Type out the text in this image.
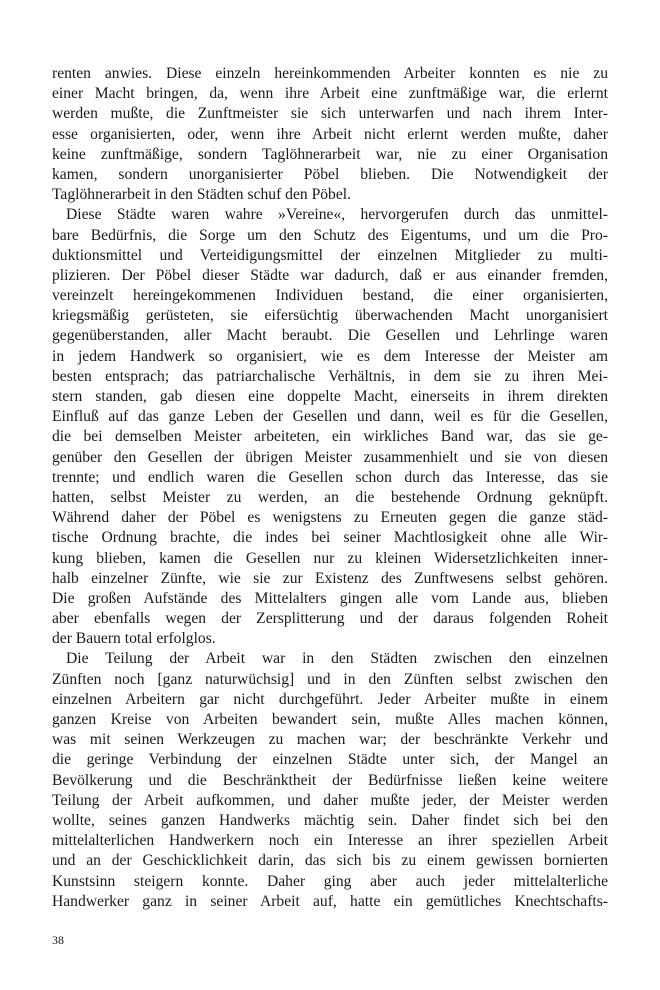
renten anwies. Diese einzeln hereinkommenden Arbeiter konnten es nie zu
einer Macht bringen, da, wenn ihre Arbeit eine zunftmäßige war, die erlernt
werden mußte, die Zunftmeister sie sich unterwarfen und nach ihrem Inter-
esse organisierten, oder, wenn ihre Arbeit nicht erlernt werden mußte, daher
keine zunftmäßige, sondern Taglöhnerarbeit war, nie zu einer Organisation
kamen, sondern unorganisierter Pöbel blieben. Die Notwendigkeit der
Taglöhnerarbeit in den Städten schuf den Pöbel.
Diese Städte waren wahre »Vereine«, hervorgerufen durch das unmittel-
bare Bedürfnis, die Sorge um den Schutz des Eigentums, und um die Pro-
duktionsmittel und Verteidigungsmittel der einzelnen Mitglieder zu multi-
plizieren. Der Pöbel dieser Städte war dadurch, daß er aus einander fremden,
vereinzelt hereingekommenen Individuen bestand, die einer organisierten,
kriegsmäßig gerüsteten, sie eifersüchtig überwachenden Macht unorganisiert
gegenüberstanden, aller Macht beraubt. Die Gesellen und Lehrlinge waren
in jedem Handwerk so organisiert, wie es dem Interesse der Meister am
besten entsprach; das patriarchalische Verhältnis, in dem sie zu ihren Mei-
stern standen, gab diesen eine doppelte Macht, einerseits in ihrem direkten
Einfluß auf das ganze Leben der Gesellen und dann, weil es für die Gesellen,
die bei demselben Meister arbeiteten, ein wirkliches Band war, das sie ge-
genüber den Gesellen der übrigen Meister zusammenhielt und sie von diesen
trennte; und endlich waren die Gesellen schon durch das Interesse, das sie
hatten, selbst Meister zu werden, an die bestehende Ordnung geknüpft.
Während daher der Pöbel es wenigstens zu Erneuten gegen die ganze städ-
tische Ordnung brachte, die indes bei seiner Machtlosigkeit ohne alle Wir-
kung blieben, kamen die Gesellen nur zu kleinen Widersetzlichkeiten inner-
halb einzelner Zünfte, wie sie zur Existenz des Zunftwesens selbst gehören.
Die großen Aufstände des Mittelalters gingen alle vom Lande aus, blieben
aber ebenfalls wegen der Zersplitterung und der daraus folgenden Roheit
der Bauern total erfolglos.
Die Teilung der Arbeit war in den Städten zwischen den einzelnen
Zünften noch [ganz naturwüchsig] und in den Zünften selbst zwischen den
einzelnen Arbeitern gar nicht durchgeführt. Jeder Arbeiter mußte in einem
ganzen Kreise von Arbeiten bewandert sein, mußte Alles machen können,
was mit seinen Werkzeugen zu machen war; der beschränkte Verkehr und
die geringe Verbindung der einzelnen Städte unter sich, der Mangel an
Bevölkerung und die Beschränktheit der Bedürfnisse ließen keine weitere
Teilung der Arbeit aufkommen, und daher mußte jeder, der Meister werden
wollte, seines ganzen Handwerks mächtig sein. Daher findet sich bei den
mittelalterlichen Handwerkern noch ein Interesse an ihrer speziellen Arbeit
und an der Geschicklichkeit darin, das sich bis zu einem gewissen bornierten
Kunstsinn steigern konnte. Daher ging aber auch jeder mittelalterliche
Handwerker ganz in seiner Arbeit auf, hatte ein gemütliches Knechtschafts-
38
